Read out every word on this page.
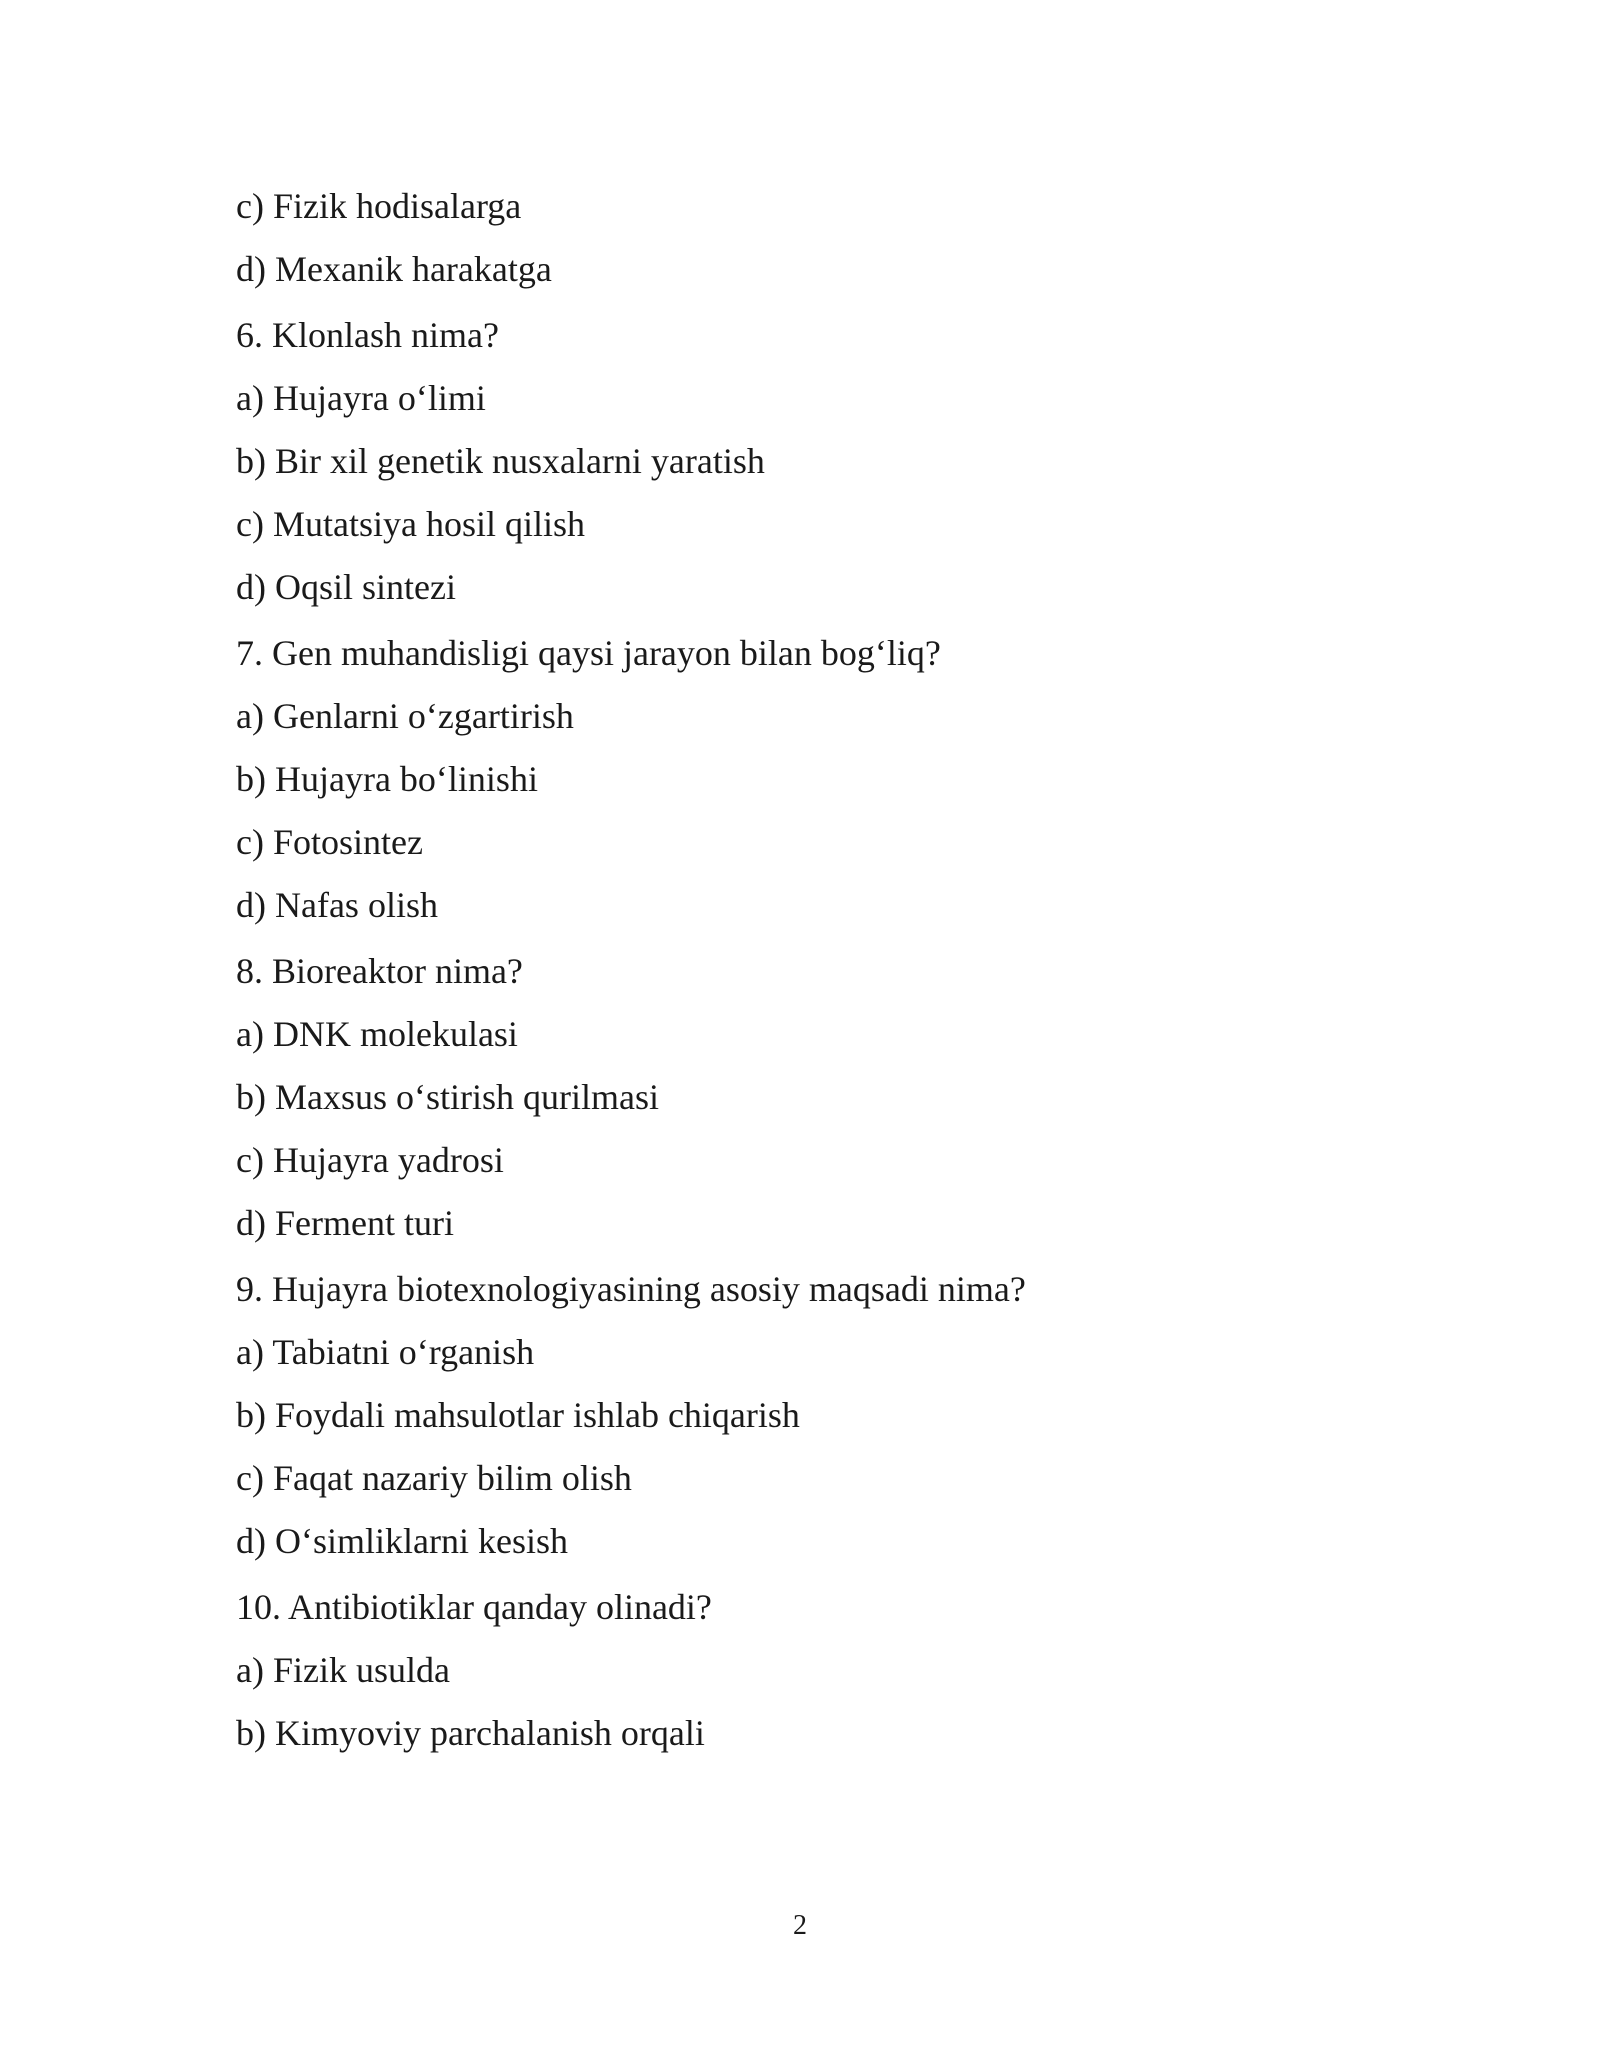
c) Fizik hodisalarga
d) Mexanik harakatga
6. Klonlash nima?
a) Hujayra o‘limi
b) Bir xil genetik nusxalarni yaratish
c) Mutatsiya hosil qilish
d) Oqsil sintezi
7. Gen muhandisligi qaysi jarayon bilan bog‘liq?
a) Genlarni o‘zgartirish
b) Hujayra bo‘linishi
c) Fotosintez
d) Nafas olish
8. Bioreaktor nima?
a) DNK molekulasi
b) Maxsus o‘stirish qurilmasi
c) Hujayra yadrosi
d) Ferment turi
9. Hujayra biotexnologiyasining asosiy maqsadi nima?
a) Tabiatni o‘rganish
b) Foydali mahsulotlar ishlab chiqarish
c) Faqat nazariy bilim olish
d) O‘simliklarni kesish
10. Antibiotiklar qanday olinadi?
a) Fizik usulda
b) Kimyoviy parchalanish orqali
2
